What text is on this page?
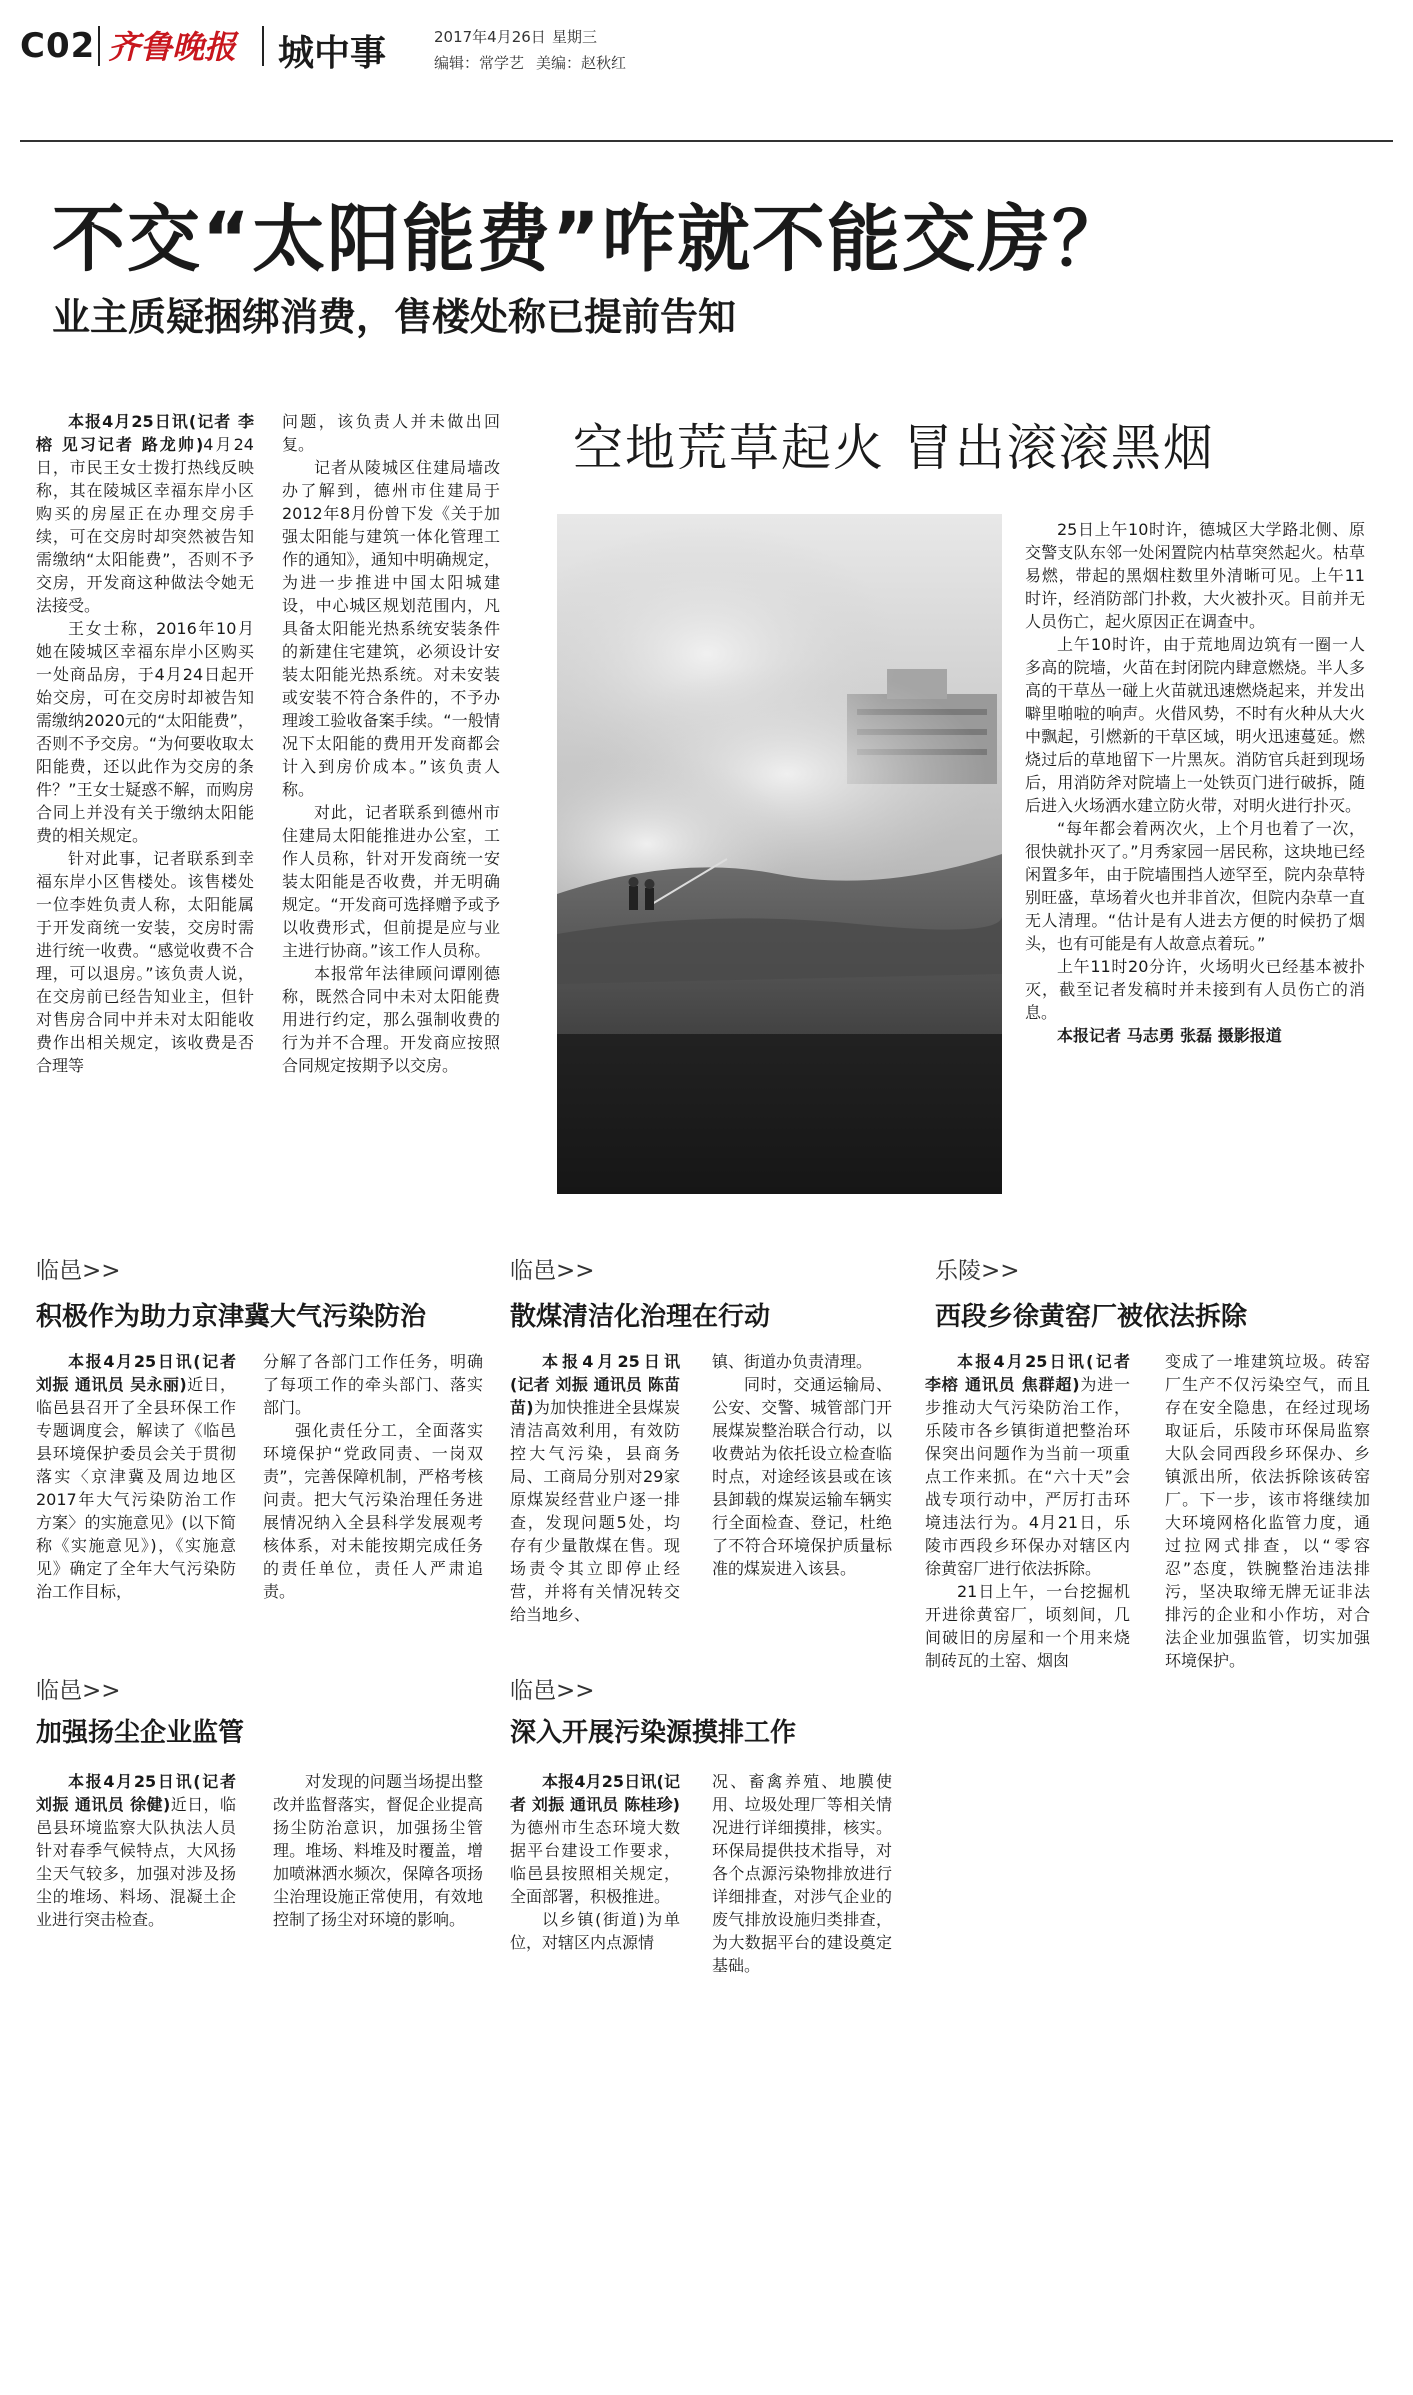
C02 齐鲁晚报 城中事	2017年4月26日 星期三
编辑：常学艺 美编：赵秋红
不交“太阳能费”咋就不能交房？
业主质疑捆绑消费，售楼处称已提前告知

本报4月25日讯(记者 李榕 见习记者 路龙帅)4月24日，市民王女士拨打热线反映称，其在陵城区幸福东岸小区购买的房屋正在办理交房手续，可在交房时却突然被告知需缴纳“太阳能费”，否则不予交房，开发商这种做法令她无法接受。

王女士称，2016年10月她在陵城区幸福东岸小区购买一处商品房，于4月24日起开始交房，可在交房时却被告知需缴纳2020元的“太阳能费”，否则不予交房。“为何要收取太阳能费，还以此作为交房的条件？”王女士疑惑不解，而购房合同上并没有关于缴纳太阳能费的相关规定。

针对此事，记者联系到幸福东岸小区售楼处。该售楼处一位李姓负责人称，太阳能属于开发商统一安装，交房时需进行统一收费。“感觉收费不合理，可以退房。”该负责人说，在交房前已经告知业主，但针对售房合同中并未对太阳能收费作出相关规定，该收费是否合理等

问题，该负责人并未做出回复。

记者从陵城区住建局墙改办了解到，德州市住建局于2012年8月份曾下发《关于加强太阳能与建筑一体化管理工作的通知》，通知中明确规定，为进一步推进中国太阳城建设，中心城区规划范围内，凡具备太阳能光热系统安装条件的新建住宅建筑，必须设计安装太阳能光热系统。对未安装或安装不符合条件的，不予办理竣工验收备案手续。“一般情况下太阳能的费用开发商都会计入到房价成本。”该负责人称。

对此，记者联系到德州市住建局太阳能推进办公室，工作人员称，针对开发商统一安装太阳能是否收费，并无明确规定。“开发商可选择赠予或予以收费形式，但前提是应与业主进行协商。”该工作人员称。

本报常年法律顾问谭刚德称，既然合同中未对太阳能费用进行约定，那么强制收费的行为并不合理。开发商应按照合同规定按期予以交房。

空地荒草起火 冒出滚滚黑烟

25日上午10时许，德城区大学路北侧、原交警支队东邻一处闲置院内枯草突然起火。枯草易燃，带起的黑烟柱数里外清晰可见。上午11时许，经消防部门扑救，大火被扑灭。目前并无人员伤亡，起火原因正在调查中。

上午10时许，由于荒地周边筑有一圈一人多高的院墙，火苗在封闭院内肆意燃烧。半人多高的干草丛一碰上火苗就迅速燃烧起来，并发出噼里啪啦的响声。火借风势，不时有火种从大火中飘起，引燃新的干草区域，明火迅速蔓延。燃烧过后的草地留下一片黑灰。消防官兵赶到现场后，用消防斧对院墙上一处铁页门进行破拆，随后进入火场洒水建立防火带，对明火进行扑灭。

“每年都会着两次火，上个月也着了一次，很快就扑灭了。”月秀家园一居民称，这块地已经闲置多年，由于院墙围挡人迹罕至，院内杂草特别旺盛，草场着火也并非首次，但院内杂草一直无人清理。“估计是有人进去方便的时候扔了烟头，也有可能是有人故意点着玩。”

上午11时20分许，火场明火已经基本被扑灭，截至记者发稿时并未接到有人员伤亡的消息。

本报记者 马志勇 张磊 摄影报道

临邑>>
积极作为助力京津冀大气污染防治

本报4月25日讯(记者 刘振 通讯员 吴永丽)近日，临邑县召开了全县环保工作专题调度会，解读了《临邑县环境保护委员会关于贯彻落实〈京津冀及周边地区2017年大气污染防治工作方案〉的实施意见》(以下简称《实施意见》)，《实施意见》确定了全年大气污染防治工作目标，

分解了各部门工作任务，明确了每项工作的牵头部门、落实部门。

强化责任分工，全面落实环境保护“党政同责、一岗双责”，完善保障机制，严格考核问责。把大气污染治理任务进展情况纳入全县科学发展观考核体系，对未能按期完成任务的责任单位，责任人严肃追责。

临邑>>
散煤清洁化治理在行动

本报4月25日讯 (记者 刘振 通讯员 陈苗苗)为加快推进全县煤炭清洁高效利用，有效防控大气污染，县商务局、工商局分别对29家原煤炭经营业户逐一排查，发现问题5处，均存有少量散煤在售。现场责令其立即停止经营，并将有关情况转交给当地乡、

镇、街道办负责清理。

同时，交通运输局、公安、交警、城管部门开展煤炭整治联合行动，以收费站为依托设立检查临时点，对途经该县或在该县卸载的煤炭运输车辆实行全面检查、登记，杜绝了不符合环境保护质量标准的煤炭进入该县。

乐陵>>
西段乡徐黄窑厂被依法拆除

本报4月25日讯(记者 李榕 通讯员 焦群超)为进一步推动大气污染防治工作，乐陵市各乡镇街道把整治环保突出问题作为当前一项重点工作来抓。在“六十天”会战专项行动中，严厉打击环境违法行为。4月21日，乐陵市西段乡环保办对辖区内徐黄窑厂进行依法拆除。

21日上午，一台挖掘机开进徐黄窑厂，顷刻间，几间破旧的房屋和一个用来烧制砖瓦的土窑、烟囱

变成了一堆建筑垃圾。砖窑厂生产不仅污染空气，而且存在安全隐患，在经过现场取证后，乐陵市环保局监察大队会同西段乡环保办、乡镇派出所，依法拆除该砖窑厂。下一步，该市将继续加大环境网格化监管力度，通过拉网式排查，以“零容忍”态度，铁腕整治违法排污，坚决取缔无牌无证非法排污的企业和小作坊，对合法企业加强监管，切实加强环境保护。

临邑>>
加强扬尘企业监管

本报4月25日讯(记者 刘振 通讯员 徐健)近日，临邑县环境监察大队执法人员针对春季气候特点，大风扬尘天气较多，加强对涉及扬尘的堆场、料场、混凝土企业进行突击检查。

对发现的问题当场提出整改并监督落实，督促企业提高扬尘防治意识，加强扬尘管理。堆场、料堆及时覆盖，增加喷淋洒水频次，保障各项扬尘治理设施正常使用，有效地控制了扬尘对环境的影响。

临邑>>
深入开展污染源摸排工作

本报4月25日讯(记者 刘振 通讯员 陈桂珍)为德州市生态环境大数据平台建设工作要求，临邑县按照相关规定，全面部署，积极推进。

以乡镇(街道)为单位，对辖区内点源情

况、畜禽养殖、地膜使用、垃圾处理厂等相关情况进行详细摸排，核实。环保局提供技术指导，对各个点源污染物排放进行详细排查，对涉气企业的废气排放设施归类排查，为大数据平台的建设奠定基础。
